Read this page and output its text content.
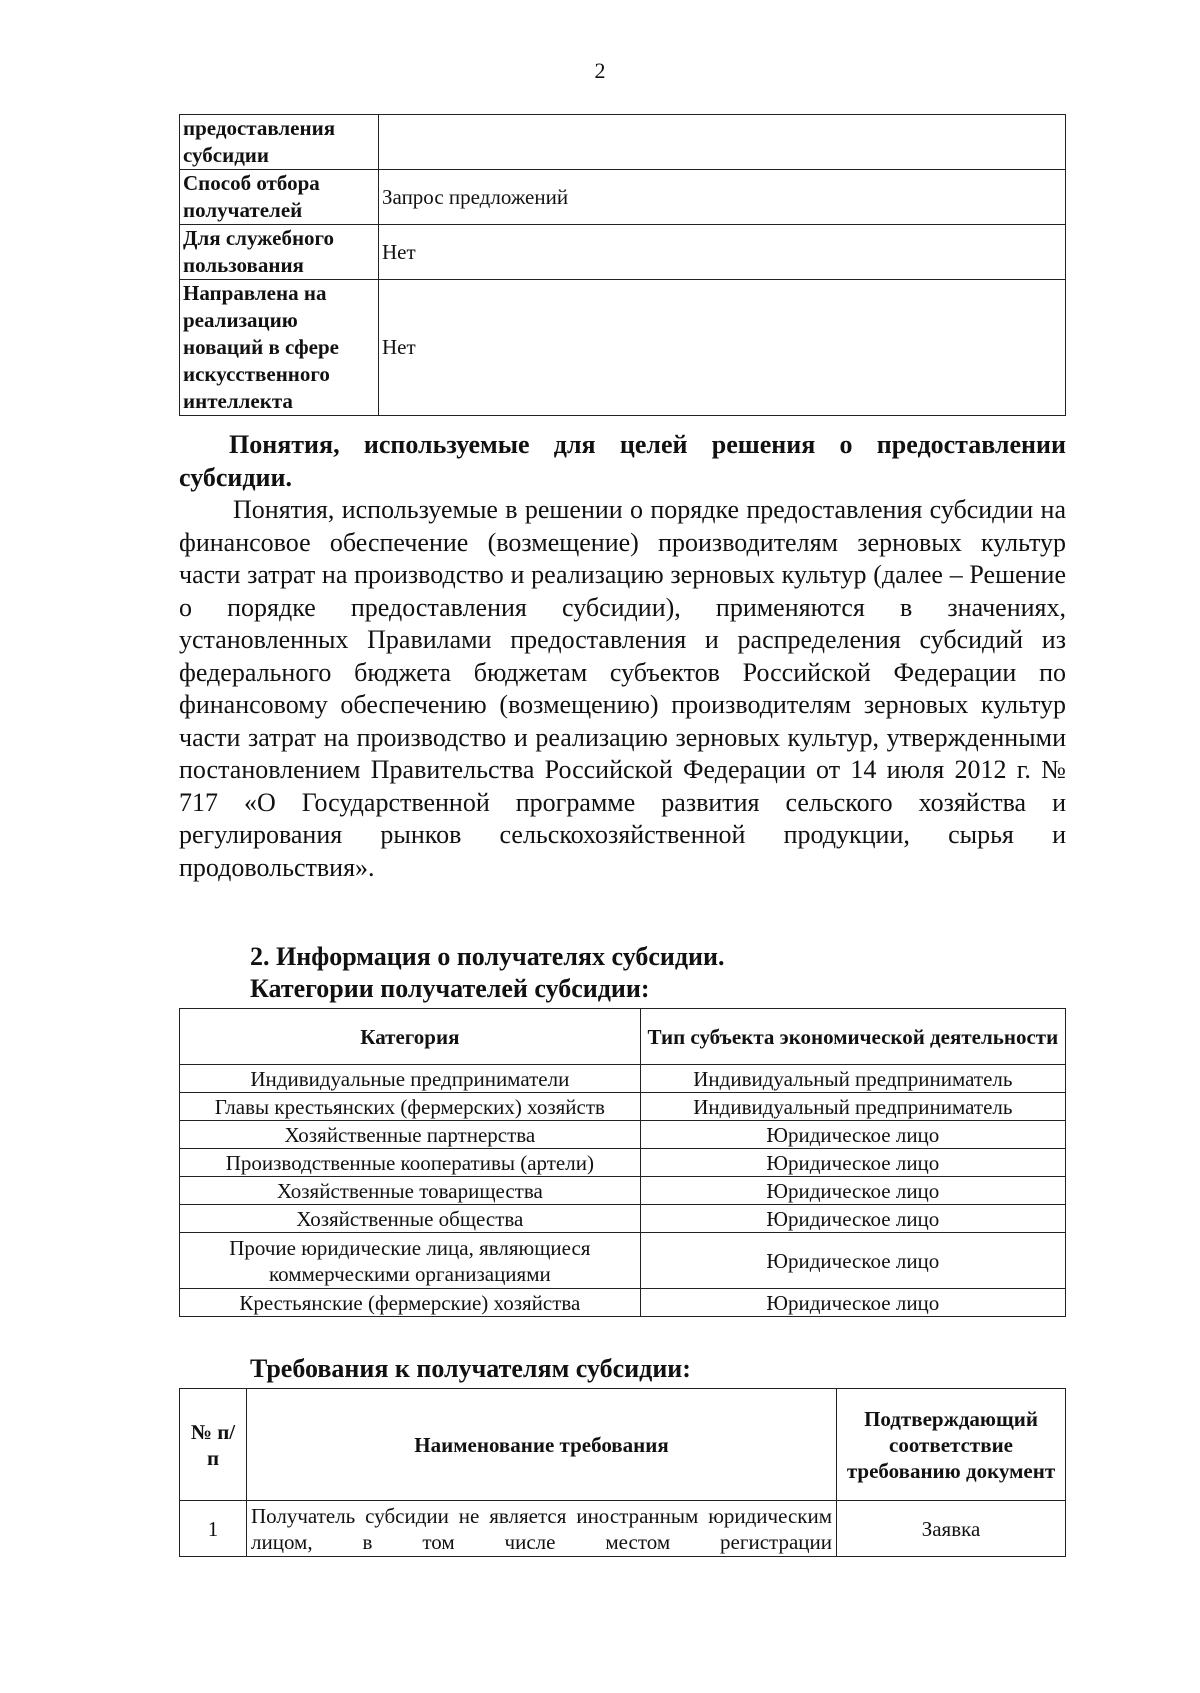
2
предоставления субсидии	
Способ отбора получателей	Запрос предложений
Для служебного пользования	Нет
Направлена на реализацию новаций в сфере искусственного интеллекта	Нет
Понятия, используемые для целей решения о предоставлении субсидии.
Понятия, используемые в решении о порядке предоставления субсидии на финансовое обеспечение (возмещение) производителям зерновых культур части затрат на производство и реализацию зерновых культур (далее – Решение о порядке предоставления субсидии), применяются в значениях, установленных Правилами предоставления и распределения субсидий из федерального бюджета бюджетам субъектов Российской Федерации по финансовому обеспечению (возмещению) производителям зерновых культур части затрат на производство и реализацию зерновых культур, утвержденными постановлением Правительства Российской Федерации от 14 июля 2012 г. № 717 «О Государственной программе развития сельского хозяйства и регулирования рынков сельскохозяйственной продукции, сырья и продовольствия».
2. Информация о получателях субсидии.
Категории получателей субсидии:
Категория	Тип субъекта экономической деятельности
Индивидуальные предприниматели	Индивидуальный предприниматель
Главы крестьянских (фермерских) хозяйств	Индивидуальный предприниматель
Хозяйственные партнерства	Юридическое лицо
Производственные кооперативы (артели)	Юридическое лицо
Хозяйственные товарищества	Юридическое лицо
Хозяйственные общества	Юридическое лицо
Прочие юридические лица, являющиеся коммерческими организациями	Юридическое лицо
Крестьянские (фермерские) хозяйства	Юридическое лицо
Требования к получателям субсидии:
№ п/п	Наименование требования	Подтверждающий соответствие требованию документ
1	Получатель субсидии не является иностранным юридическим лицом, в том числе местом регистрации	Заявка
